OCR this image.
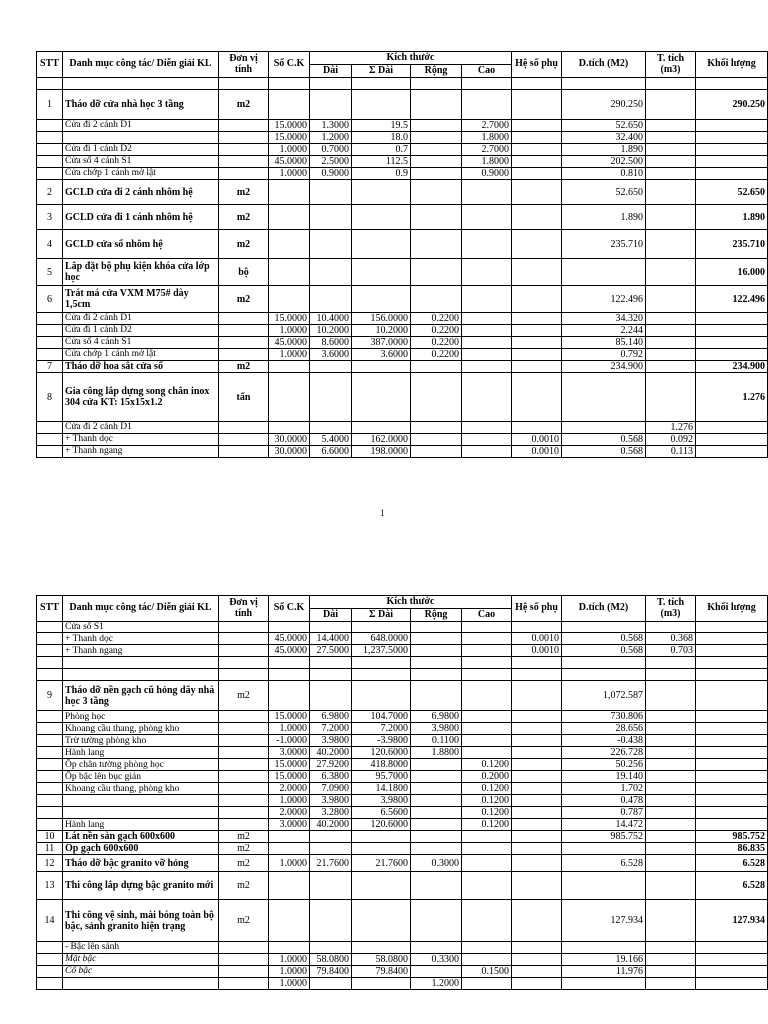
STT	Danh mục công tác/ Diễn giải KL	Đơn vị tính	Số C.K	Kích thước				Hệ số phụ	D.tích (M2)	T. tích (m3)	Khối lượng
				Dài	Σ Dài	Rộng	Cao				

1	Tháo dỡ cửa nhà học 3 tầng	m2							290.250		290.250
	Cửa đi 2 cánh D1		15.0000	1.3000	19.5		2.7000		52.650		
			15.0000	1.2000	18.0		1.8000		32.400		
	Cửa đi 1 cánh D2		1.0000	0.7000	0.7		2.7000		1.890		
	Cửa sổ 4 cánh S1		45.0000	2.5000	112.5		1.8000		202.500		
	Cửa chớp 1 cánh mở lật		1.0000	0.9000	0.9		0.9000		0.810		
2	GCLD cửa đi 2 cánh nhôm hệ	m2							52.650		52.650
3	GCLD cửa đi 1 cánh nhôm hệ	m2							1.890		1.890
4	GCLD cửa sổ nhôm hệ	m2							235.710		235.710
5	Lắp đặt bộ phụ kiện khóa cửa lớp học	bộ									16.000
6	Trát má cửa VXM M75# dày 1,5cm	m2							122.496		122.496
	Cửa đi 2 cánh D1		15.0000	10.4000	156.0000	0.2200			34.320		
	Cửa đi 1 cánh D2		1.0000	10.2000	10.2000	0.2200			2.244		
	Cửa sổ 4 cánh S1		45.0000	8.6000	387.0000	0.2200			85.140		
	Cửa chớp 1 cánh mở lật		1.0000	3.6000	3.6000	0.2200			0.792		
7	Tháo dỡ hoa sắt cửa sổ	m2							234.900		234.900
8	Gia công lắp dựng song chắn inox 304 cửa KT: 15x15x1.2	tấn									1.276
	Cửa đi 2 cánh D1									1.276	
	+ Thanh dọc		30.0000	5.4000	162.0000			0.0010	0.568	0.092	
	+ Thanh ngang		30.0000	6.6000	198.0000			0.0010	0.568	0.113	
1
STT	Danh mục công tác/ Diễn giải KL	Đơn vị tính	Số C.K	Kích thước				Hệ số phụ	D.tích (M2)	T. tích (m3)	Khối lượng
				Dài	Σ Dài	Rộng	Cao				
	Cửa sổ S1										
	+ Thanh dọc		45.0000	14.4000	648.0000			0.0010	0.568	0.368	
	+ Thanh ngang		45.0000	27.5000	1,237.5000			0.0010	0.568	0.703	

9	Tháo dỡ nền gạch cũ hỏng dãy nhà học 3 tầng	m2							1,072.587		
	Phòng học		15.0000	6.9800	104.7000	6.9800			730.806		
	Khoang cầu thang, phòng kho		1.0000	7.2000	7.2000	3.9800			28.656		
	Trừ tường phòng kho		-1.0000	3.9800	-3.9800	0.1100			-0.438		
	Hành lang		3.0000	40.2000	120.6000	1.8800			226.728		
	Ốp chân tường phòng học		15.0000	27.9200	418.8000		0.1200		50.256		
	Ốp bậc lên bục giản		15.0000	6.3800	95.7000		0.2000		19.140		
	Khoang cầu thang, phòng kho		2.0000	7.0900	14.1800		0.1200		1.702		
			1.0000	3.9800	3.9800		0.1200		0.478		
			2.0000	3.2800	6.5600		0.1200		0.787		
	Hành lang		3.0000	40.2000	120.6000		0.1200		14.472		
10	Lát nền sàn gạch 600x600	m2							985.752		985.752
11	Ốp gạch 600x600	m2									86.835
12	Tháo dỡ bậc granito vỡ hỏng	m2	1.0000	21.7600	21.7600	0.3000			6.528		6.528
13	Thi công lắp dựng bậc granito mới	m2									6.528
14	Thi công vệ sinh, mài bóng toàn bộ bậc, sảnh granito hiện trạng	m2							127.934		127.934
	- Bậc lên sảnh										
	Mặt bậc		1.0000	58.0800	58.0800	0.3300			19.166		
	Cổ bậc		1.0000	79.8400	79.8400		0.1500		11.976		
			1.0000			1.2000					
